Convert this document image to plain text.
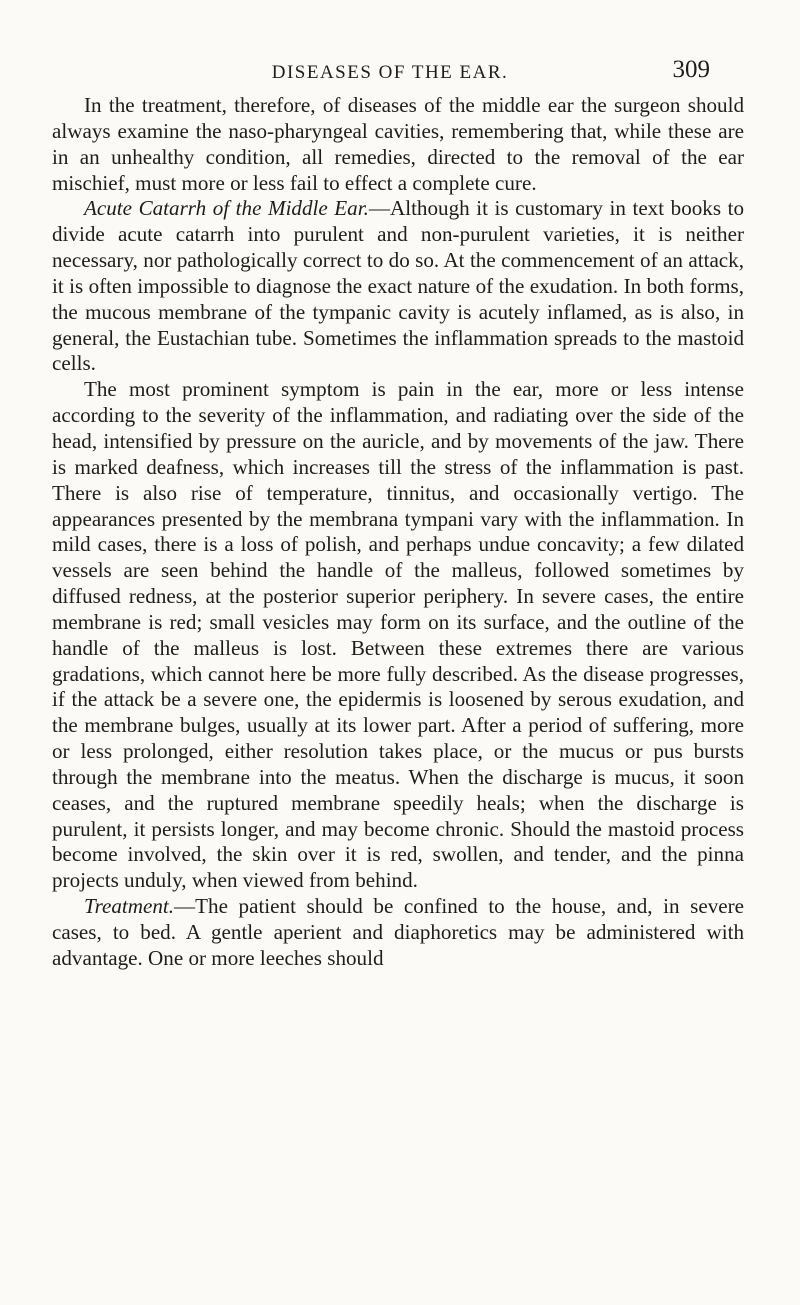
DISEASES OF THE EAR.	309

In the treatment, therefore, of diseases of the middle ear the surgeon should always examine the naso-pharyngeal cavities, remembering that, while these are in an unhealthy condition, all remedies, directed to the removal of the ear mischief, must more or less fail to effect a complete cure.

Acute Catarrh of the Middle Ear.—Although it is customary in text books to divide acute catarrh into purulent and non-purulent varieties, it is neither necessary, nor pathologically correct to do so. At the commencement of an attack, it is often impossible to diagnose the exact nature of the exudation. In both forms, the mucous membrane of the tympanic cavity is acutely inflamed, as is also, in general, the Eustachian tube. Sometimes the inflammation spreads to the mastoid cells.

The most prominent symptom is pain in the ear, more or less intense according to the severity of the inflammation, and radiating over the side of the head, intensified by pressure on the auricle, and by movements of the jaw. There is marked deafness, which increases till the stress of the inflammation is past. There is also rise of temperature, tinnitus, and occasionally vertigo. The appearances presented by the membrana tympani vary with the inflammation. In mild cases, there is a loss of polish, and perhaps undue concavity; a few dilated vessels are seen behind the handle of the malleus, followed sometimes by diffused redness, at the posterior superior periphery. In severe cases, the entire membrane is red; small vesicles may form on its surface, and the outline of the handle of the malleus is lost. Between these extremes there are various gradations, which cannot here be more fully described. As the disease progresses, if the attack be a severe one, the epidermis is loosened by serous exudation, and the membrane bulges, usually at its lower part. After a period of suffering, more or less prolonged, either resolution takes place, or the mucus or pus bursts through the membrane into the meatus. When the discharge is mucus, it soon ceases, and the ruptured membrane speedily heals; when the discharge is purulent, it persists longer, and may become chronic. Should the mastoid process become involved, the skin over it is red, swollen, and tender, and the pinna projects unduly, when viewed from behind.

Treatment.—The patient should be confined to the house, and, in severe cases, to bed. A gentle aperient and diaphoretics may be administered with advantage. One or more leeches should
